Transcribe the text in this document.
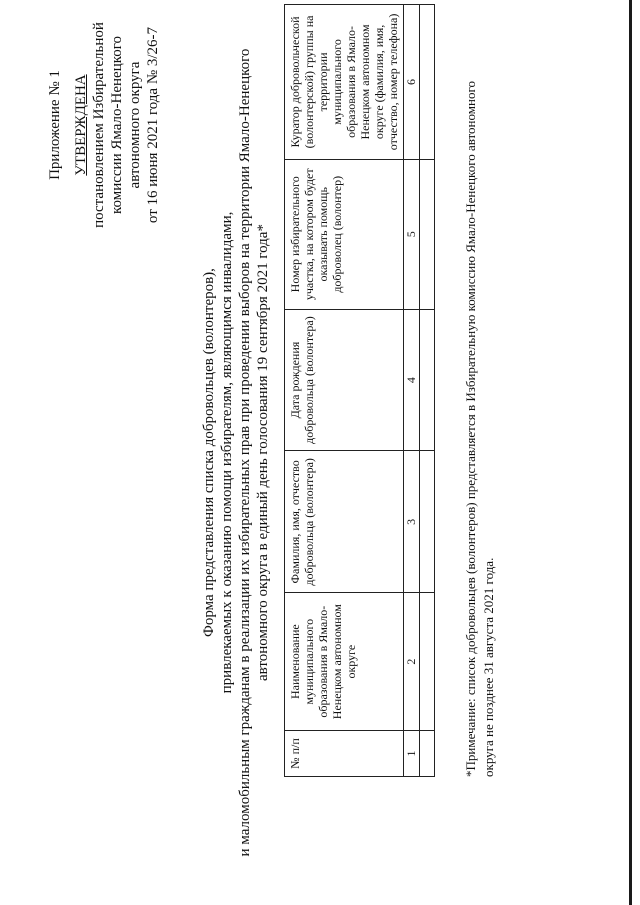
Приложение № 1 УТВЕРЖДЕНА постановлением Избирательной комиссии Ямало-Ненецкого автономного округа от 16 июня 2021 года № 3/26-7
Форма представления списка добровольцев (волонтеров), привлекаемых к оказанию помощи избирателям, являющимся инвалидами, и маломобильным гражданам в реализации их избирательных прав при проведении выборов на территории Ямало-Ненецкого автономного округа в единый день голосования 19 сентября 2021 года*
№ п/п	Наименование муниципального образования в Ямало-Ненецком автономном округе	Фамилия, имя, отчество добровольца (волонтера)	Дата рождения добровольца (волонтера)	Номер избирательного участка, на котором будет оказывать помощь доброволец (волонтер)	Куратор добровольческой (волонтерской) группы на территории муниципального образования в Ямало-Ненецком автономном округе (фамилия, имя, отчество, номер телефона)
1	2	3	4	5	6
						*Примечание: список добровольцев (волонтеров) представляется в Избирательную комиссию Ямало-Ненецкого автономного округа не позднее 31 августа 2021 года.
